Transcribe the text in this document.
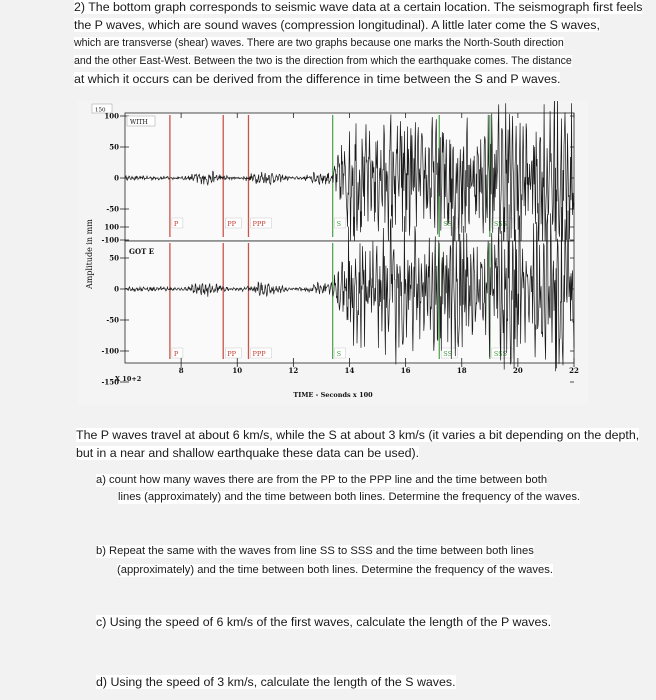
2) The bottom graph corresponds to seismic wave data at a certain location. The seismograph first feels
the P waves, which are sound waves (compression longitudinal). A little later come the S waves,
which are transverse (shear) waves. There are two graphs because one marks the North-South direction
and the other East-West. Between the two is the direction from which the earthquake comes. The distance
at which it occurs can be derived from the difference in time between the S and P waves.
150
Amplitude in mm
100
50
0
-50
-100
WITH
P	PP	PPP	S	SS	SSS
100
50
0
-50
-100
-150
GOT E
P	PP	PPP	S	SS	SSS
8	10	12	14	16	18	20	22
X 10+2
TIME - Seconds x 100
The P waves travel at about 6 km/s, while the S at about 3 km/s (it varies a bit depending on the depth,
but in a near and shallow earthquake these data can be used).
a) count how many waves there are from the PP to the PPP line and the time between both
lines (approximately) and the time between both lines. Determine the frequency of the waves.
b) Repeat the same with the waves from line SS to SSS and the time between both lines
(approximately) and the time between both lines. Determine the frequency of the waves.
c) Using the speed of 6 km/s of the first waves, calculate the length of the P waves.
d) Using the speed of 3 km/s, calculate the length of the S waves.
